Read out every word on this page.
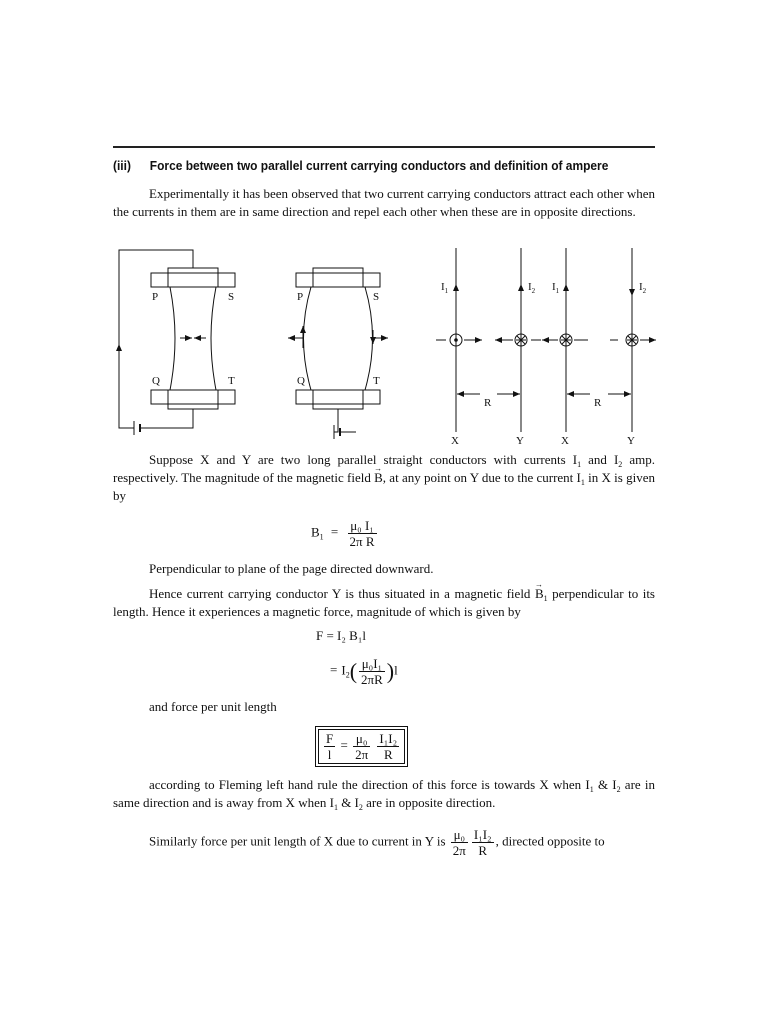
(iii) Force between two parallel current carrying conductors and definition of ampere

Experimentally it has been observed that two current carrying conductors attract each other when the currents in them are in same direction and repel each other when these are in opposite directions.

P	S
Q	T
P	S
Q	T
$I_1$	$I_2$ $I_1$	$I_2$
R	R
X	Y	X	Y

Suppose X and Y are two long parallel straight conductors with currents $I_1$ and $I_2$ amp. respectively. The magnitude of the magnetic field → B, at any point on Y due to the current $I_1$ in X is given by

$B_1 = \frac{\text{μ₀ I₁}}{\text{2π R}}$
Perpendicular to plane of the page directed downward.

Hence current carrying conductor Y is thus situated in a magnetic field → $B_1$ perpendicular to its length. Hence it experiences a magnetic force, magnitude of which is given by

F = I₂ B₁l
= $I_2( \frac{\text{μ₀I₁}}{2\pi R} )l$
and force per unit length
$\frac{F}{l} = \frac{\text{μ₀}}{2\pi}$
$\frac{\text{I₁I₂}}{R}$

according to Fleming left hand rule the direction of this force is towards X when $I_1$ & $I_2$ are in same direction and is away from X when $I_1$ & $I_2$ are in opposite direction.

Similarly force per unit length of X due to current in Y is $\frac{\text{μ₀}}{2\pi} \frac{\text{I₁I₂}}{R}$ , directed opposite to
